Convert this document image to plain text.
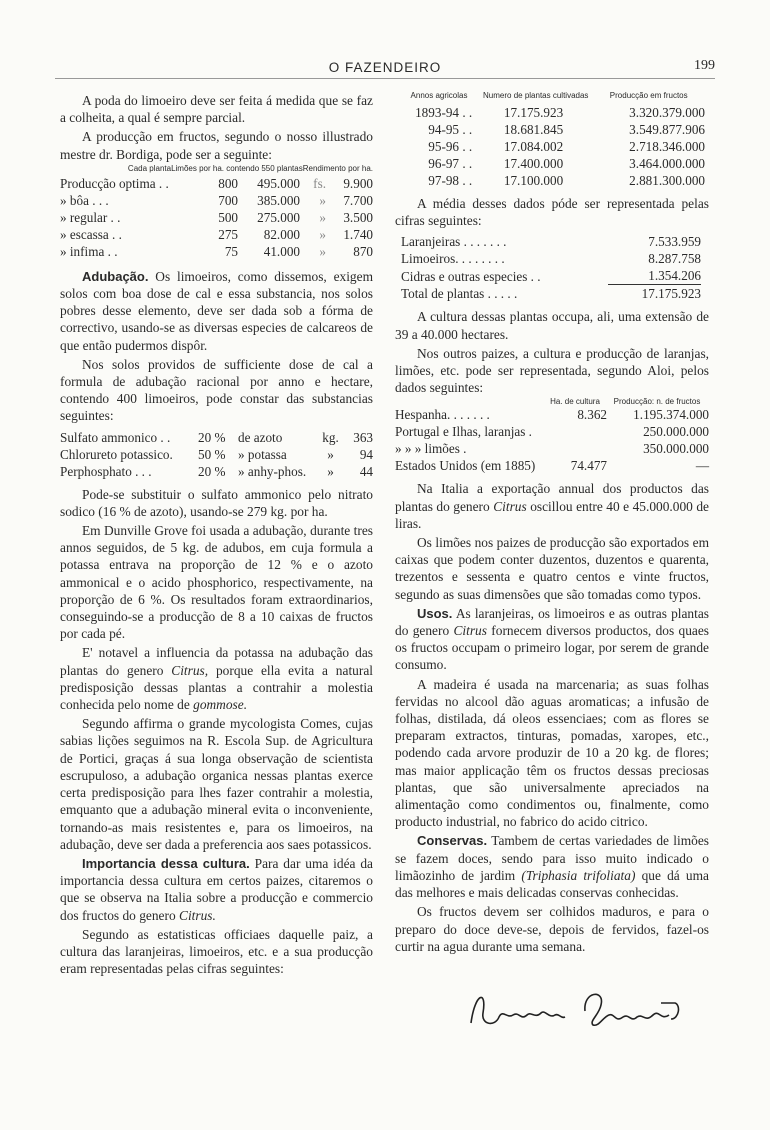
O FAZENDEIRO	199

A poda do limoeiro deve ser feita á medida que se faz a colheita, a qual é sempre parcial.

A producção em fructos, segundo o nosso illustrado mestre dr. Bordiga, pode ser a seguinte:

	Cada planta	Limões por ha. contendo 550 plantas	Rendimento por ha.
Producção optima . .	800	495.000	fs.	9.900
» bôa . . .	700	385.000	»	7.700
» regular . .	500	275.000	»	3.500
» escassa . .	275	82.000	»	1.740
» infima . .	75	41.000	»	870

Adubação. Os limoeiros, como dissemos, exigem solos com boa dose de cal e essa substancia, nos solos pobres desse elemento, deve ser dada sob a fórma de correctivo, usando-se as diversas especies de calcareos de que então pudermos dispôr.

Nos solos providos de sufficiente dose de cal a formula de adubação racional por anno e hectare, contendo 400 limoeiros, pode constar das substancias seguintes:

Sulfato ammonico . .	20 %	de azoto	kg.	363
Chlorureto potassico.	50 %	» potassa	»	94
Perphosphato . . .	20 %	» anhy-phos.	»	44

Pode-se substituir o sulfato ammonico pelo nitrato sodico (16 % de azoto), usando-se 279 kg. por ha.

Em Dunville Grove foi usada a adubação, durante tres annos seguidos, de 5 kg. de adubos, em cuja formula a potassa entrava na proporção de 12 % e o azoto ammonical e o acido phosphorico, respectivamente, na proporção de 6 %. Os resultados foram extraordinarios, conseguindo-se a producção de 8 a 10 caixas de fructos por cada pé.

E' notavel a influencia da potassa na adubação das plantas do genero Citrus, porque ella evita a natural predisposição dessas plantas a contrahir a molestia conhecida pelo nome de gommose.

Segundo affirma o grande mycologista Comes, cujas sabias lições seguimos na R. Escola Sup. de Agricultura de Portici, graças á sua longa observação de scientista escrupuloso, a adubação organica nessas plantas exerce certa predisposição para lhes fazer contrahir a molestia, emquanto que a adubação mineral evita o inconveniente, tornando-as mais resistentes e, para os limoeiros, na adubação, deve ser dada a preferencia aos saes potassicos.

Importancia dessa cultura. Para dar uma idéa da importancia dessa cultura em certos paizes, citaremos o que se observa na Italia sobre a producção e commercio dos fructos do genero Citrus.

Segundo as estatisticas officiaes daquelle paiz, a cultura das laranjeiras, limoeiros, etc. e a sua producção eram representadas pelas cifras seguintes:

Annos agricolas	Numero de plantas cultivadas	Producção em fructos
1893-94 . .	17.175.923	3.320.379.000
94-95 . .	18.681.845	3.549.877.906
95-96 . .	17.084.002	2.718.346.000
96-97 . .	17.400.000	3.464.000.000
97-98 . .	17.100.000	2.881.300.000

A média desses dados póde ser representada pelas cifras seguintes:

Laranjeiras . . . . . . .	7.533.959
Limoeiros. . . . . . . .	8.287.758
Cidras e outras especies . .	1.354.206
Total de plantas . . . . .	17.175.923

A cultura dessas plantas occupa, ali, uma extensão de 39 a 40.000 hectares.

Nos outros paizes, a cultura e producção de laranjas, limões, etc. pode ser representada, segundo Aloi, pelos dados seguintes:

	Ha. de cultura	Producção: n. de fructos
Hespanha. . . . . . .	8.362	1.195.374.000
Portugal e Ilhas, laranjas .		250.000.000
» » » limões .		350.000.000
Estados Unidos (em 1885)	74.477	—

Na Italia a exportação annual dos productos das plantas do genero Citrus oscillou entre 40 e 45.000.000 de liras.

Os limões nos paizes de producção são exportados em caixas que podem conter duzentos, duzentos e quarenta, trezentos e sessenta e quatro centos e vinte fructos, segundo as suas dimensões que são tomadas como typos.

Usos. As laranjeiras, os limoeiros e as outras plantas do genero Citrus fornecem diversos productos, dos quaes os fructos occupam o primeiro logar, por serem de grande consumo.

A madeira é usada na marcenaria; as suas folhas fervidas no alcool dão aguas aromaticas; a infusão de folhas, distilada, dá oleos essenciaes; com as flores se preparam extractos, tinturas, pomadas, xaropes, etc., podendo cada arvore produzir de 10 a 20 kg. de flores; mas maior applicação têm os fructos dessas preciosas plantas, que são universalmente apreciados na alimentação como condimentos ou, finalmente, como producto industrial, no fabrico do acido citrico.

Conservas. Tambem de certas variedades de limões se fazem doces, sendo para isso muito indicado o limãozinho de jardim (Triphasia trifoliata) que dá uma das melhores e mais delicadas conservas conhecidas.

Os fructos devem ser colhidos maduros, e para o preparo do doce deve-se, depois de fervidos, fazel-os curtir na agua durante uma semana.
